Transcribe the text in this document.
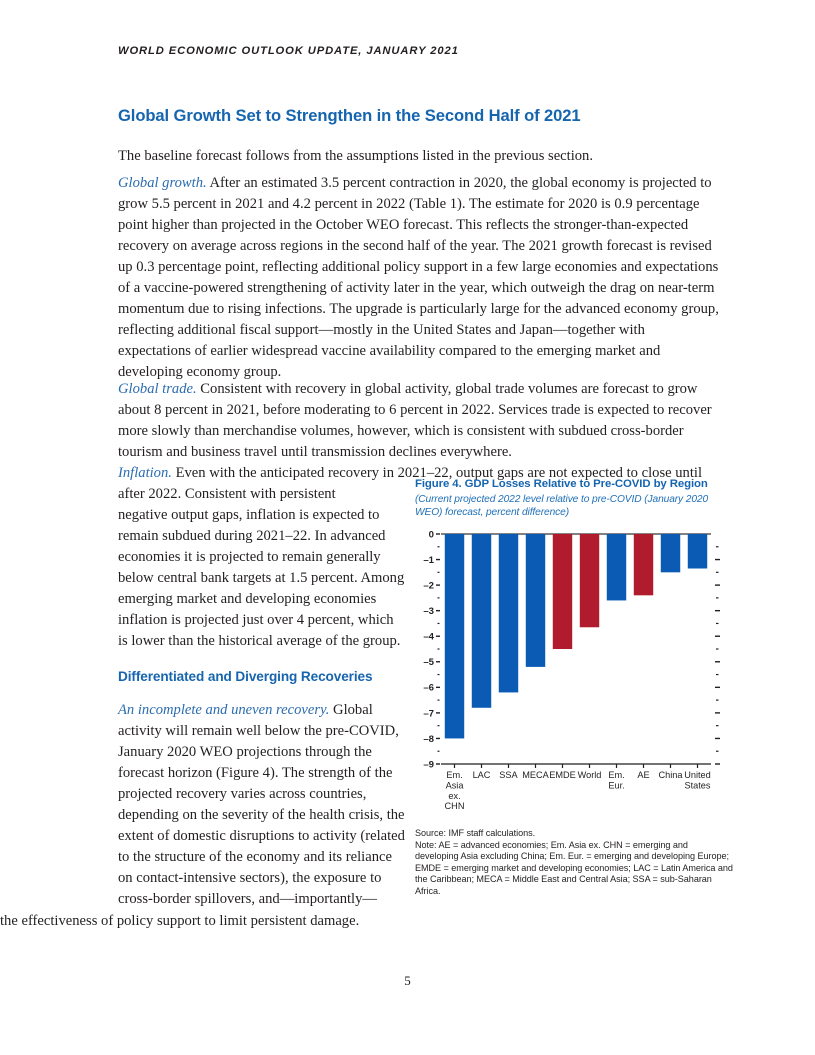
WORLD ECONOMIC OUTLOOK UPDATE, JANUARY 2021
Global Growth Set to Strengthen in the Second Half of 2021

The baseline forecast follows from the assumptions listed in the previous section.

Global growth. After an estimated 3.5 percent contraction in 2020, the global economy is projected to grow 5.5 percent in 2021 and 4.2 percent in 2022 (Table 1). The estimate for 2020 is 0.9 percentage point higher than projected in the October WEO forecast. This reflects the stronger-than-expected recovery on average across regions in the second half of the year. The 2021 growth forecast is revised up 0.3 percentage point, reflecting additional policy support in a few large economies and expectations of a vaccine-powered strengthening of activity later in the year, which outweigh the drag on near-term momentum due to rising infections. The upgrade is particularly large for the advanced economy group, reflecting additional fiscal support—mostly in the United States and Japan—together with expectations of earlier widespread vaccine availability compared to the emerging market and developing economy group.

Global trade. Consistent with recovery in global activity, global trade volumes are forecast to grow about 8 percent in 2021, before moderating to 6 percent in 2022. Services trade is expected to recover more slowly than merchandise volumes, however, which is consistent with subdued cross-border tourism and business travel until transmission declines everywhere.

Inflation. Even with the anticipated recovery in 2021–22, output gaps are not expected to close until after 2022. Consistent with persistent

negative output gaps, inflation is expected to remain subdued during 2021–22. In advanced economies it is projected to remain generally below central bank targets at 1.5 percent. Among emerging market and developing economies inflation is projected just over 4 percent, which is lower than the historical average of the group.

Differentiated and Diverging Recoveries

An incomplete and uneven recovery. Global activity will remain well below the pre-COVID, January 2020 WEO projections through the forecast horizon (Figure 4). The strength of the projected recovery varies across countries, depending on the severity of the health crisis, the extent of domestic disruptions to activity (related to the structure of the economy and its reliance on contact-intensive sectors), the exposure to cross-border spillovers, and—importantly—

the effectiveness of policy support to limit persistent damage.

Figure 4. GDP Losses Relative to Pre-COVID by Region
(Current projected 2022 level relative to pre-COVID (January 2020 WEO) forecast, percent difference)
0
–1
–2
–3
–4
–5
–6
–7
–8
–9
Em.
Asia
ex.
CHN
LAC SSA MECA EMDE World Em.
Eur.
AE China United
States
Source: IMF staff calculations.
Note: AE = advanced economies; Em. Asia ex. CHN = emerging and developing Asia excluding China; Em. Eur. = emerging and developing Europe; EMDE = emerging market and developing economies; LAC = Latin America and the Caribbean; MECA = Middle East and Central Asia; SSA = sub-Saharan Africa.
5
